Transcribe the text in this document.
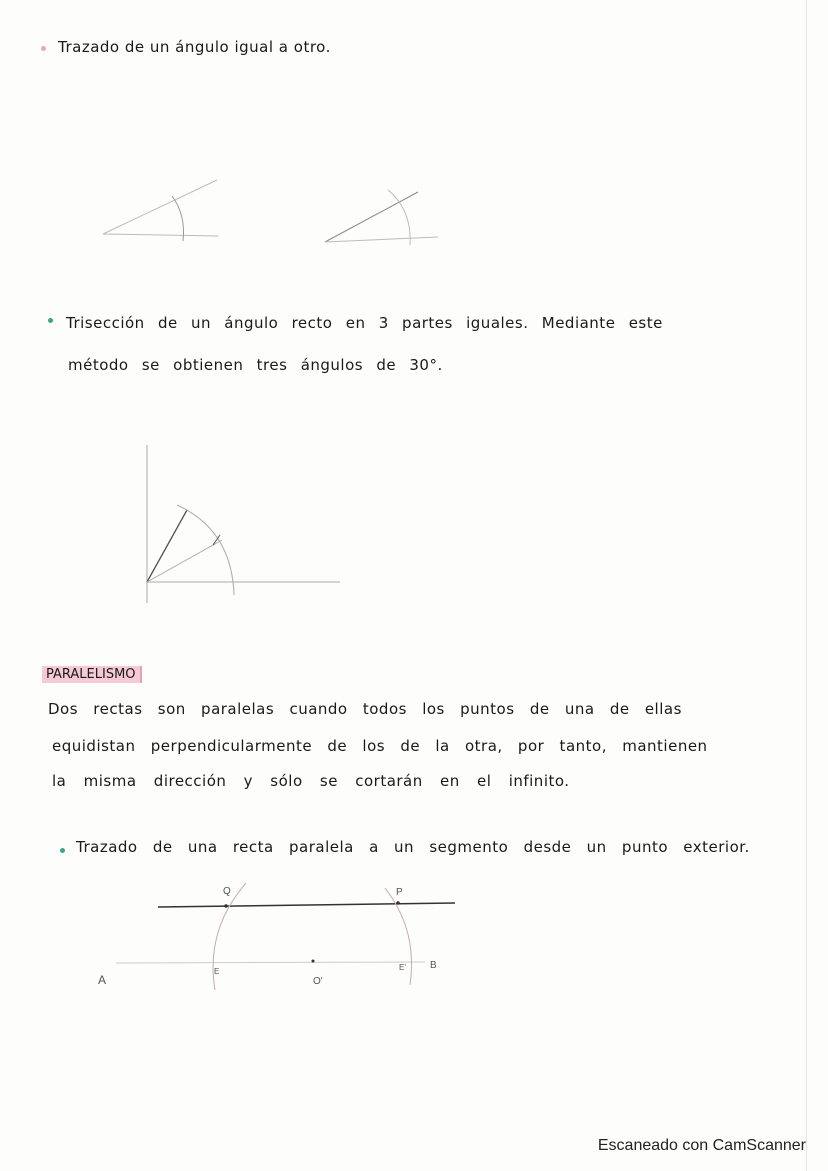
Trazado de un ángulo igual a otro.
Trisección de un ángulo recto en 3 partes iguales. Mediante este
método se obtienen tres ángulos de 30°.
PARALELISMO
Dos rectas son paralelas cuando todos los puntos de una de ellas
equidistan perpendicularmente de los de la otra, por tanto, mantienen
la misma dirección y sólo se cortarán en el infinito.
Trazado de una recta paralela a un segmento desde un punto exterior.
Q	P
A
E
O'
E' B
Escaneado con CamScanner
